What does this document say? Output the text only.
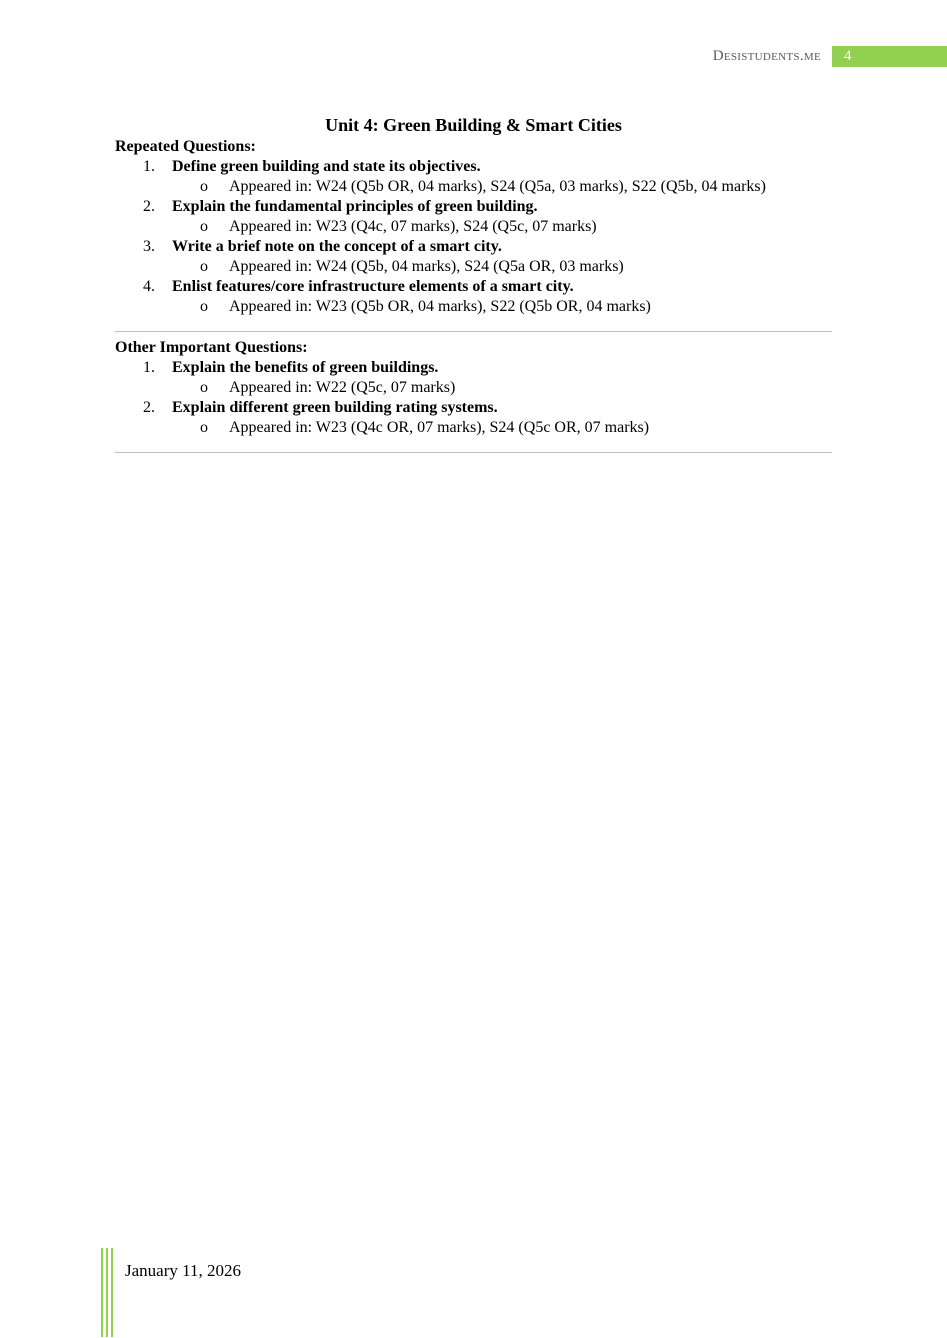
Desistudents.me	4
Unit 4: Green Building & Smart Cities
Repeated Questions:
1. Define green building and state its objectives.
o Appeared in: W24 (Q5b OR, 04 marks), S24 (Q5a, 03 marks), S22 (Q5b, 04 marks)
2. Explain the fundamental principles of green building.
o Appeared in: W23 (Q4c, 07 marks), S24 (Q5c, 07 marks)
3. Write a brief note on the concept of a smart city.
o Appeared in: W24 (Q5b, 04 marks), S24 (Q5a OR, 03 marks)
4. Enlist features/core infrastructure elements of a smart city.
o Appeared in: W23 (Q5b OR, 04 marks), S22 (Q5b OR, 04 marks)
Other Important Questions:
1. Explain the benefits of green buildings.
o Appeared in: W22 (Q5c, 07 marks)
2. Explain different green building rating systems.
o Appeared in: W23 (Q4c OR, 07 marks), S24 (Q5c OR, 07 marks)
January 11, 2026
